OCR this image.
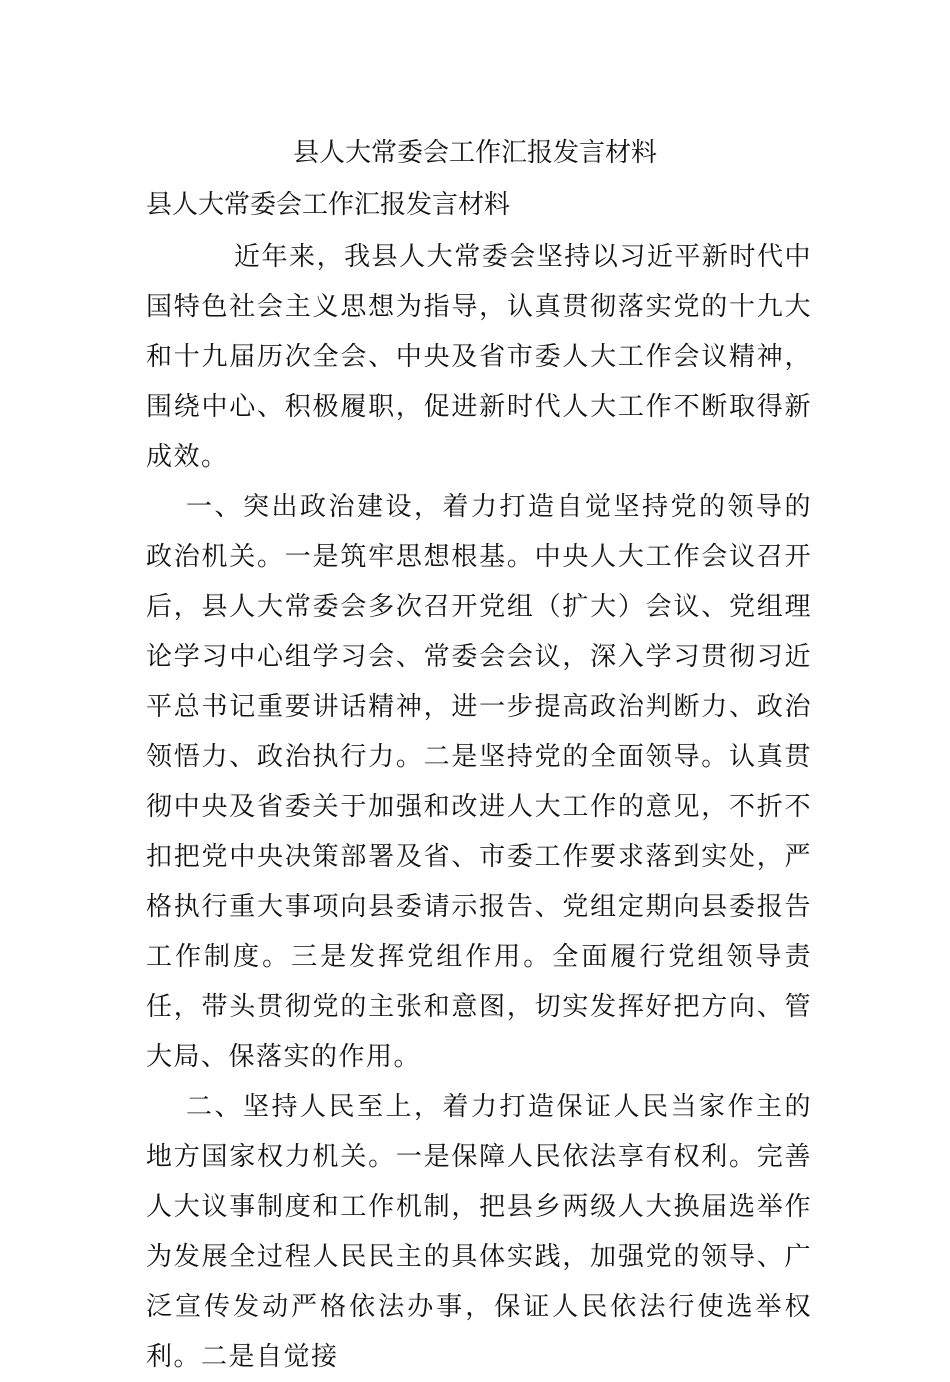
县人大常委会工作汇报发言材料
县人大常委会工作汇报发言材料

近年来，我县人大常委会坚持以习近平新时代中国特色社会主义思想为指导，认真贯彻落实党的十九大和十九届历次全会、中央及省市委人大工作会议精神，围绕中心、积极履职，促进新时代人大工作不断取得新成效。

一、突出政治建设，着力打造自觉坚持党的领导的政治机关。一是筑牢思想根基。中央人大工作会议召开后，县人大常委会多次召开党组（扩大）会议、党组理论学习中心组学习会、常委会会议，深入学习贯彻习近平总书记重要讲话精神，进一步提高政治判断力、政治领悟力、政治执行力。二是坚持党的全面领导。认真贯彻中央及省委关于加强和改进人大工作的意见，不折不扣把党中央决策部署及省、市委工作要求落到实处，严格执行重大事项向县委请示报告、党组定期向县委报告工作制度。三是发挥党组作用。全面履行党组领导责任，带头贯彻党的主张和意图，切实发挥好把方向、管大局、保落实的作用。

二、坚持人民至上，着力打造保证人民当家作主的地方国家权力机关。一是保障人民依法享有权利。完善人大议事制度和工作机制，把县乡两级人大换届选举作为发展全过程人民民主的具体实践，加强党的领导、广泛宣传发动严格依法办事，保证人民依法行使选举权利。二是自觉接
